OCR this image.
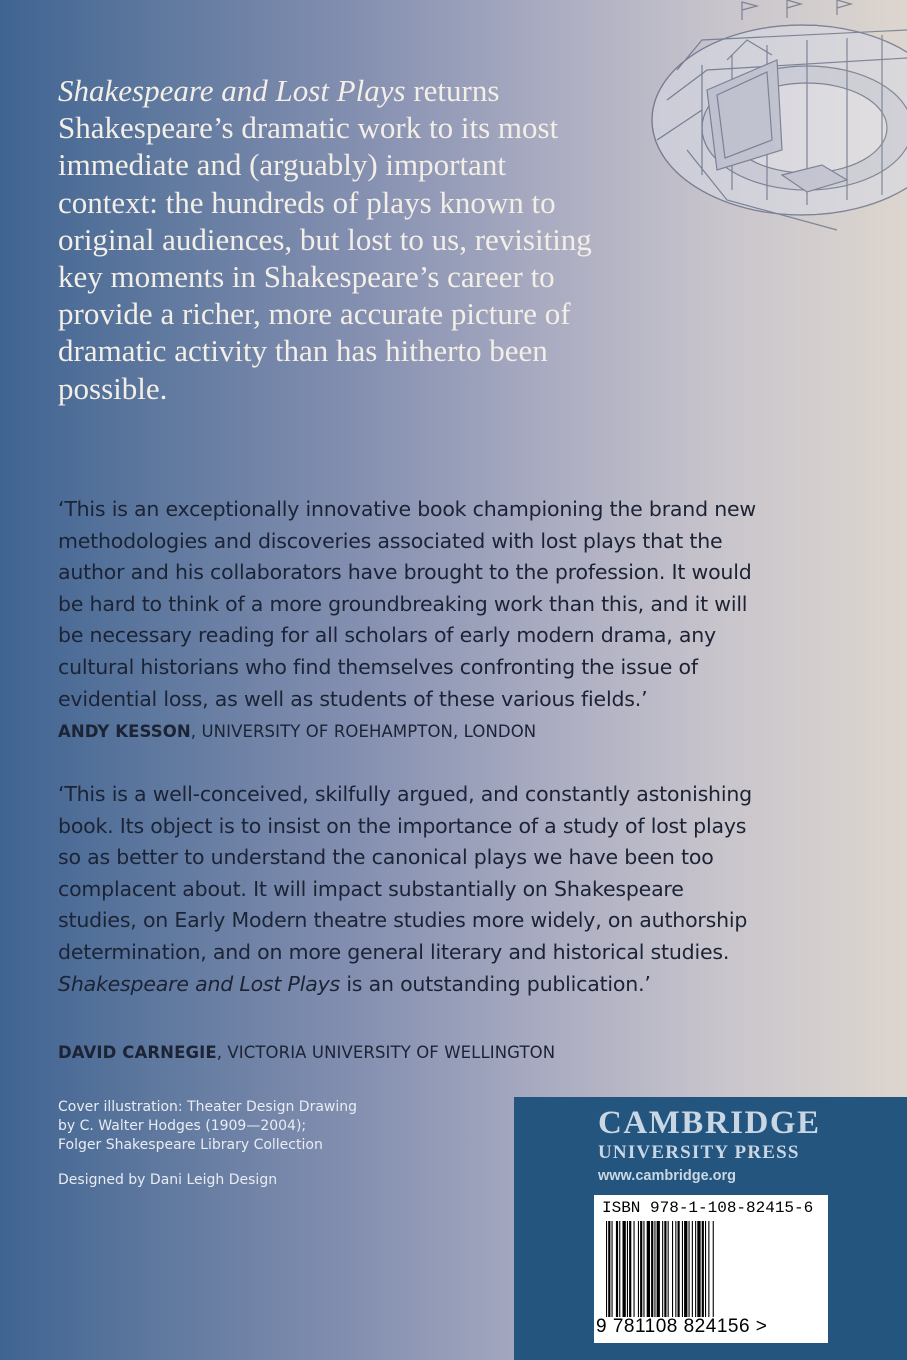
Shakespeare and Lost Plays returns Shakespeare’s dramatic work to its most immediate and (arguably) important context: the hundreds of plays known to original audiences, but lost to us, revisiting key moments in Shakespeare’s career to provide a richer, more accurate picture of dramatic activity than has hitherto been possible.

‘This is an exceptionally innovative book championing the brand new methodologies and discoveries associated with lost plays that the author and his collaborators have brought to the profession. It would be hard to think of a more groundbreaking work than this, and it will be necessary reading for all scholars of early modern drama, any cultural historians who find themselves confronting the issue of evidential loss, as well as students of these various fields.’

ANDY KESSON, UNIVERSITY OF ROEHAMPTON, LONDON

‘This is a well-conceived, skilfully argued, and constantly astonishing book. Its object is to insist on the importance of a study of lost plays so as better to understand the canonical plays we have been too complacent about. It will impact substantially on Shakespeare studies, on Early Modern theatre studies more widely, on authorship determination, and on more general literary and historical studies. Shakespeare and Lost Plays is an outstanding publication.’

DAVID CARNEGIE, VICTORIA UNIVERSITY OF WELLINGTON

Cover illustration: Theater Design Drawing
by C. Walter Hodges (1909—2004);
Folger Shakespeare Library Collection

Designed by Dani Leigh Design

CAMBRIDGE
UNIVERSITY PRESS
www.cambridge.org
ISBN 978-1-108-82415-6
9 781108 824156 >
